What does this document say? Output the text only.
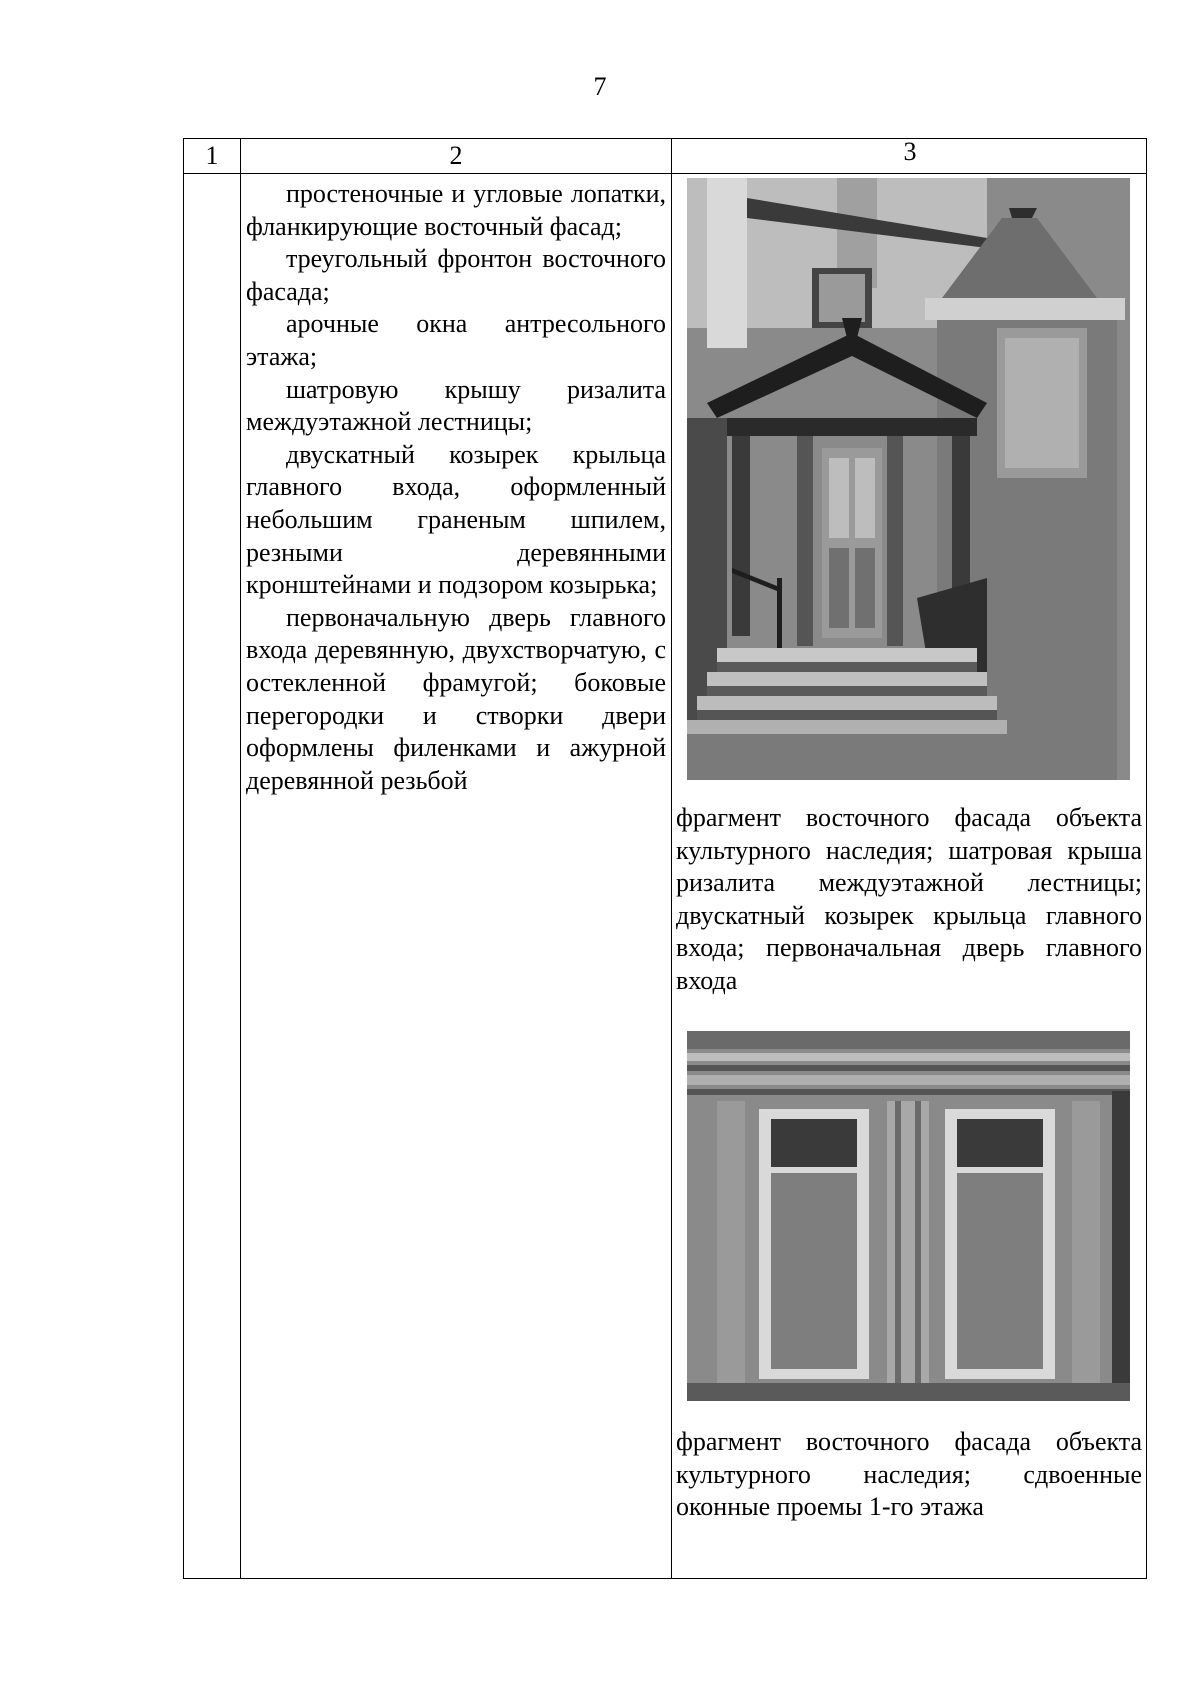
7
1	2	3

простеночные и угловые лопатки, фланкирующие восточный фасад;

треугольный фронтон восточного фасада;

арочные окна антресольного этажа;

шатровую крышу ризалита междуэтажной лестницы;

двускатный козырек крыльца главного входа, оформленный небольшим граненым шпилем, резными деревянными кронштейнами и подзором козырька;

первоначальную дверь главного входа деревянную, двухстворчатую, с остекленной фрамугой; боковые перегородки и створки двери оформлены филенками и ажурной деревянной резьбой

фрагмент восточного фасада объекта культурного наследия; шатровая крыша ризалита междуэтажной лестницы; двускатный козырек крыльца главного входа; первоначальная дверь главного входа

фрагмент восточного фасада объекта культурного наследия; сдвоенные оконные проемы 1-го этажа
